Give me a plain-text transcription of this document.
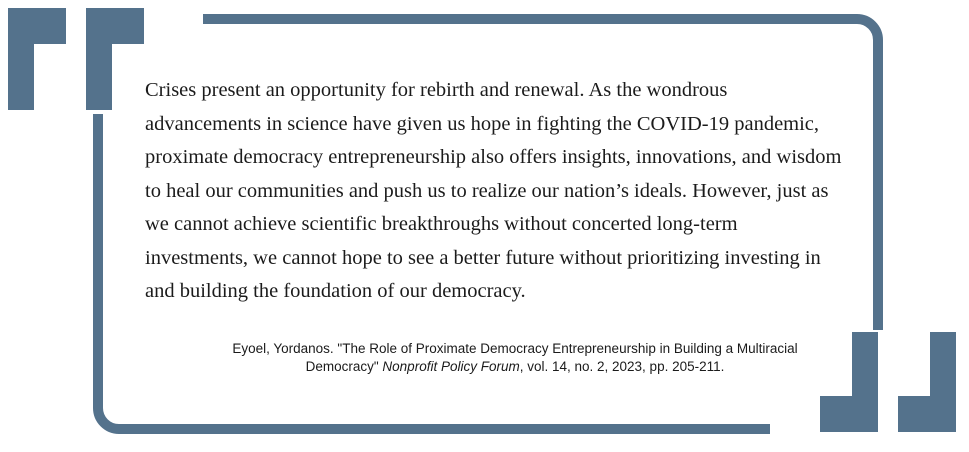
Crises present an opportunity for rebirth and renewal. As the wondrous advancements in science have given us hope in fighting the COVID-19 pandemic, proximate democracy entrepreneurship also offers insights, innovations, and wisdom to heal our communities and push us to realize our nation’s ideals. However, just as we cannot achieve scientific breakthroughs without concerted long-term investments, we cannot hope to see a better future without prioritizing investing in and building the foundation of our democracy.
Eyoel, Yordanos. "The Role of Proximate Democracy Entrepreneurship in Building a Multiracial Democracy" Nonprofit Policy Forum, vol. 14, no. 2, 2023, pp. 205-211.
